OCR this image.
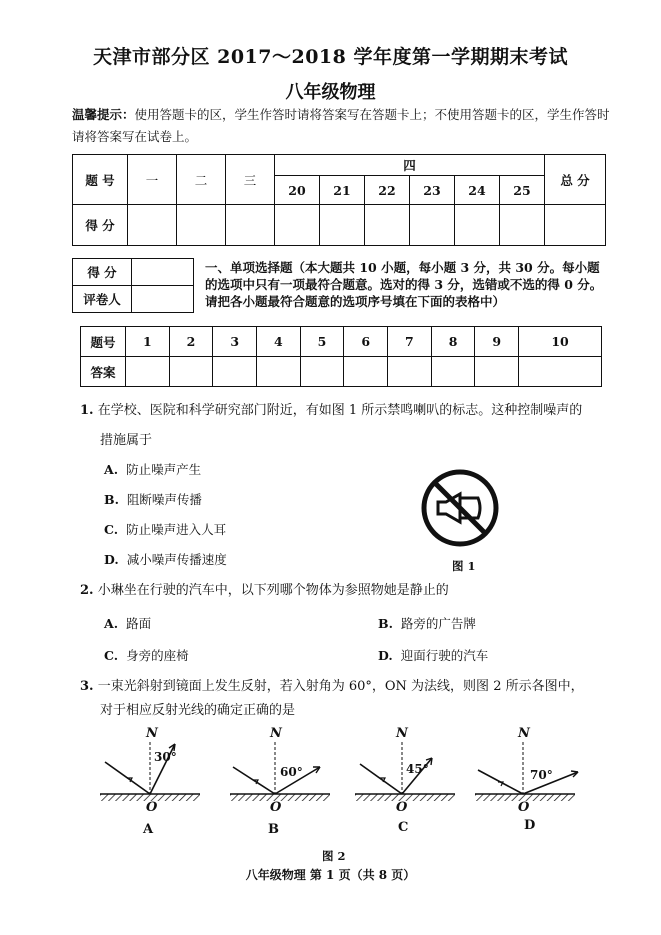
天津市部分区 2017～2018 学年度第一学期期末考试
八年级物理
温馨提示：使用答题卡的区，学生作答时请将答案写在答题卡上；不使用答题卡的区，学生作答时请将答案写在试卷上。
题 号	一	二	三	四						总 分
				20	21	22	23	24	25	
得 分										
得 分	
评卷人	
一、单项选择题（本大题共 10 小题，每小题 3 分，共 30 分。每小题的选项中只有一项最符合题意。选对的得 3 分，选错或不选的得 0 分。请把各小题最符合题意的选项序号填在下面的表格中）
题号	1	2	3	4	5	6	7	8	9	10
答案										
1. 在学校、医院和科学研究部门附近，有如图 1 所示禁鸣喇叭的标志。这种控制噪声的
措施属于
A. 防止噪声产生
B. 阻断噪声传播
C. 防止噪声进入人耳
D. 减小噪声传播速度	图 1
2. 小琳坐在行驶的汽车中，以下列哪个物体为参照物她是静止的
A. 路面	B. 路旁的广告牌
C. 身旁的座椅	D. 迎面行驶的汽车
3. 一束光斜射到镜面上发生反射，若入射角为 60°，ON 为法线，则图 2 所示各图中，
对于相应反射光线的确定正确的是
N
30°
O
A
N
60°
O
B
N
45°
O
C
N
70°
O
D
图 2
八年级物理 第 1 页（共 8 页）
